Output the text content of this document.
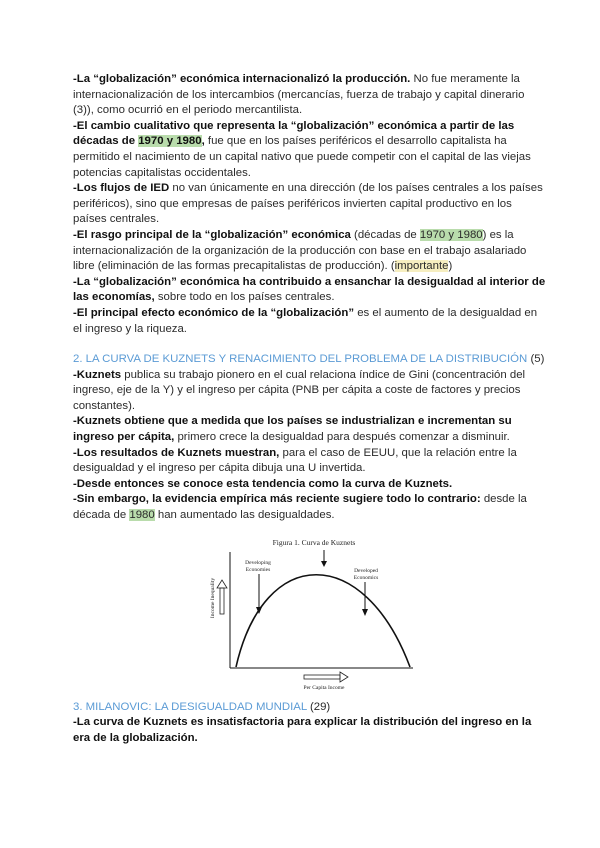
-La “globalización” económica internacionalizó la producción. No fue meramente la internacionalización de los intercambios (mercancías, fuerza de trabajo y capital dinerario (3)), como ocurrió en el periodo mercantilista.

-El cambio cualitativo que representa la “globalización” económica a partir de las décadas de 1970 y 1980, fue que en los países periféricos el desarrollo capitalista ha permitido el nacimiento de un capital nativo que puede competir con el capital de las viejas potencias capitalistas occidentales.

-Los flujos de IED no van únicamente en una dirección (de los países centrales a los países periféricos), sino que empresas de países periféricos invierten capital productivo en los países centrales.

-El rasgo principal de la “globalización” económica (décadas de 1970 y 1980) es la internacionalización de la organización de la producción con base en el trabajo asalariado libre (eliminación de las formas precapitalistas de producción). (importante)

-La “globalización” económica ha contribuido a ensanchar la desigualdad al interior de las economías, sobre todo en los países centrales.

-El principal efecto económico de la “globalización” es el aumento de la desigualdad en el ingreso y la riqueza.

2. LA CURVA DE KUZNETS Y RENACIMIENTO DEL PROBLEMA DE LA DISTRIBUCIÓN (5)

-Kuznets publica su trabajo pionero en el cual relaciona índice de Gini (concentración del ingreso, eje de la Y) y el ingreso per cápita (PNB per cápita a coste de factores y precios constantes).

-Kuznets obtiene que a medida que los países se industrializan e incrementan su ingreso per cápita, primero crece la desigualdad para después comenzar a disminuir.

-Los resultados de Kuznets muestran, para el caso de EEUU, que la relación entre la desigualdad y el ingreso per cápita dibuja una U invertida.

-Desde entonces se conoce esta tendencia como la curva de Kuznets.

-Sin embargo, la evidencia empírica más reciente sugiere todo lo contrario: desde la década de 1980 han aumentado las desigualdades.

Figura 1. Curva de Kuznets
Income Inequality
Developing
Economies	Developed
Economics
Per Capita Income

3. MILANOVIC: LA DESIGUALDAD MUNDIAL (29)

-La curva de Kuznets es insatisfactoria para explicar la distribución del ingreso en la era de la globalización.
